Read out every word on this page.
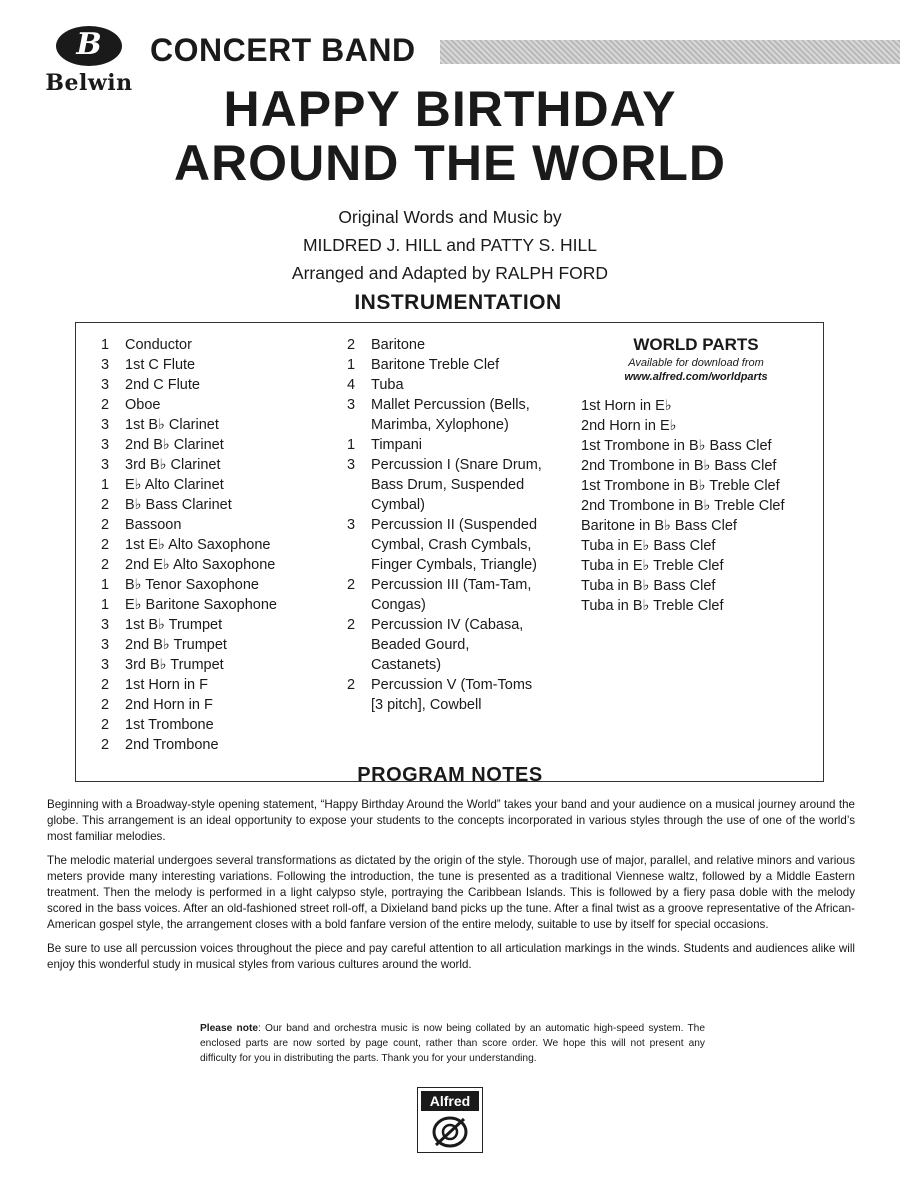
B
Belwin
CONCERT BAND
HAPPY BIRTHDAY
AROUND THE WORLD
Original Words and Music by
MILDRED J. HILL and PATTY S. HILL
Arranged and Adapted by RALPH FORD
INSTRUMENTATION
1	Conductor
3	1st C Flute
3	2nd C Flute
2	Oboe
3	1st B♭ Clarinet
3	2nd B♭ Clarinet
3	3rd B♭ Clarinet
1	E♭ Alto Clarinet
2	B♭ Bass Clarinet
2	Bassoon
2	1st E♭ Alto Saxophone
2	2nd E♭ Alto Saxophone
1	B♭ Tenor Saxophone
1	E♭ Baritone Saxophone
3	1st B♭ Trumpet
3	2nd B♭ Trumpet
3	3rd B♭ Trumpet
2	1st Horn in F
2	2nd Horn in F
2	1st Trombone
2	2nd Trombone
2	Baritone
1	Baritone Treble Clef
4	Tuba
3	Mallet Percussion (Bells,
Marimba, Xylophone)
1	Timpani
3	Percussion I (Snare Drum,
Bass Drum, Suspended
Cymbal)
3	Percussion II (Suspended
Cymbal, Crash Cymbals,
Finger Cymbals, Triangle)
2	Percussion III (Tam-Tam,
Congas)
2	Percussion IV (Cabasa,
Beaded Gourd,
Castanets)
2	Percussion V (Tom-Toms
[3 pitch], Cowbell
WORLD PARTS
Available for download from
www.alfred.com/worldparts
1st Horn in E♭
2nd Horn in E♭
1st Trombone in B♭ Bass Clef
2nd Trombone in B♭ Bass Clef
1st Trombone in B♭ Treble Clef
2nd Trombone in B♭ Treble Clef
Baritone in B♭ Bass Clef
Tuba in E♭ Bass Clef
Tuba in E♭ Treble Clef
Tuba in B♭ Bass Clef
Tuba in B♭ Treble Clef
PROGRAM NOTES

Beginning with a Broadway-style opening statement, “Happy Birthday Around the World” takes your band and your audience on a musical journey around the globe. This arrangement is an ideal opportunity to expose your students to the concepts incorporated in various styles through the use of one of the world’s most familiar melodies.

The melodic material undergoes several transformations as dictated by the origin of the style. Thorough use of major, parallel, and relative minors and various meters provide many interesting variations. Following the introduction, the tune is presented as a traditional Viennese waltz, followed by a Middle Eastern treatment. Then the melody is performed in a light calypso style, portraying the Caribbean Islands. This is followed by a fiery pasa doble with the melody scored in the bass voices. After an old-fashioned street roll-off, a Dixieland band picks up the tune. After a final twist as a groove representative of the African-American gospel style, the arrangement closes with a bold fanfare version of the entire melody, suitable to use by itself for special occasions.

Be sure to use all percussion voices throughout the piece and pay careful attention to all articulation markings in the winds. Students and audiences alike will enjoy this wonderful study in musical styles from various cultures around the world.

Please note: Our band and orchestra music is now being collated by an automatic high-speed system. The enclosed parts are now sorted by page count, rather than score order. We hope this will not present any difficulty for you in distributing the parts. Thank you for your understanding.
Alfred
